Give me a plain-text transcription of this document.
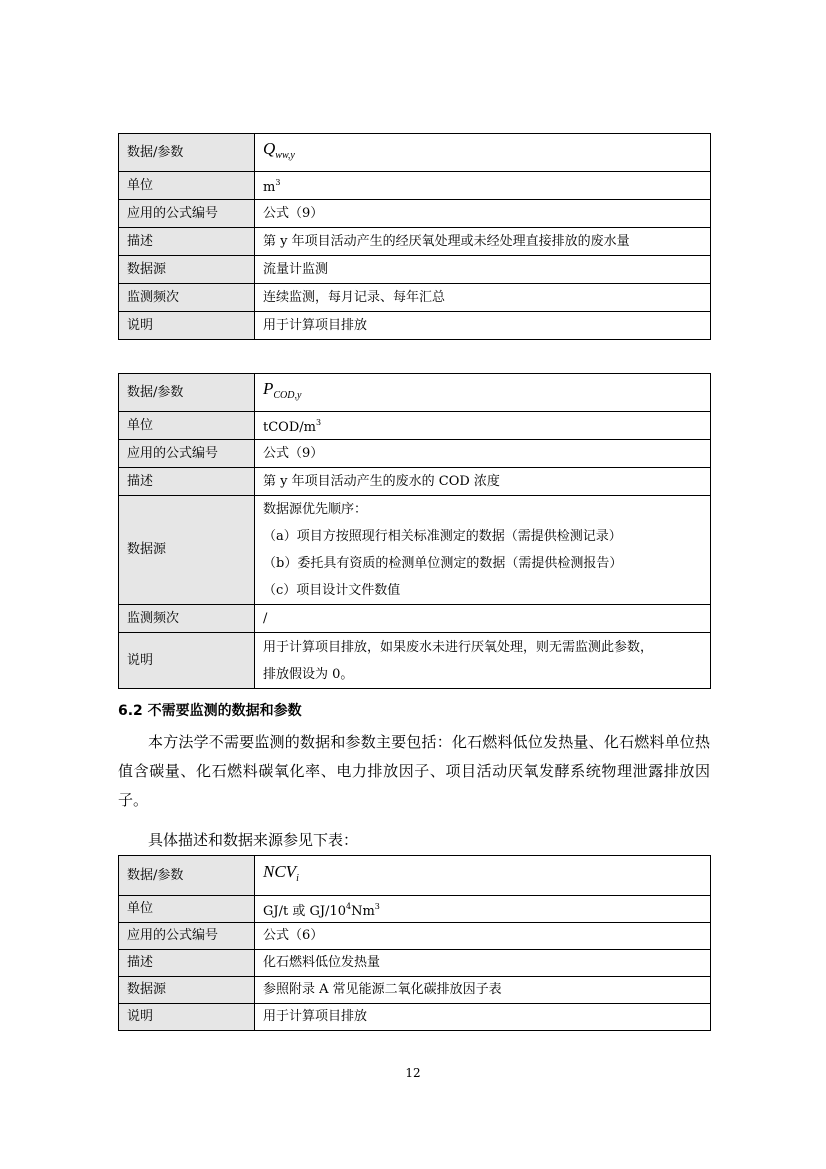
数据/参数	$Q_{ww,y}$
单位	$m^3$
应用的公式编号	公式（9）
描述	第 y 年项目活动产生的经厌氧处理或未经处理直接排放的废水量
数据源	流量计监测
监测频次	连续监测，每月记录、每年汇总
说明	用于计算项目排放
数据/参数	$P_{COD,y}$
单位	tCOD/$m^3$
应用的公式编号	公式（9）
描述	第 y 年项目活动产生的废水的 COD 浓度
数据源	数据源优先顺序：
（a）项目方按照现行相关标准测定的数据（需提供检测记录）
（b）委托具有资质的检测单位测定的数据（需提供检测报告）
（c）项目设计文件数值

监测频次	/
说明	用于计算项目排放，如果废水未进行厌氧处理，则无需监测此参数，
排放假设为 0。
6.2 不需要监测的数据和参数
本方法学不需要监测的数据和参数主要包括：化石燃料低位发热量、化石燃料单位热值含碳量、化石燃料碳氧化率、电力排放因子、项目活动厌氧发酵系统物理泄露排放因子。
具体描述和数据来源参见下表：
数据/参数	$NCV_i$
单位	GJ/t 或 $GJ/10^4Nm^3$
应用的公式编号	公式（6）
描述	化石燃料低位发热量
数据源	参照附录 A 常见能源二氧化碳排放因子表
说明	用于计算项目排放
12
